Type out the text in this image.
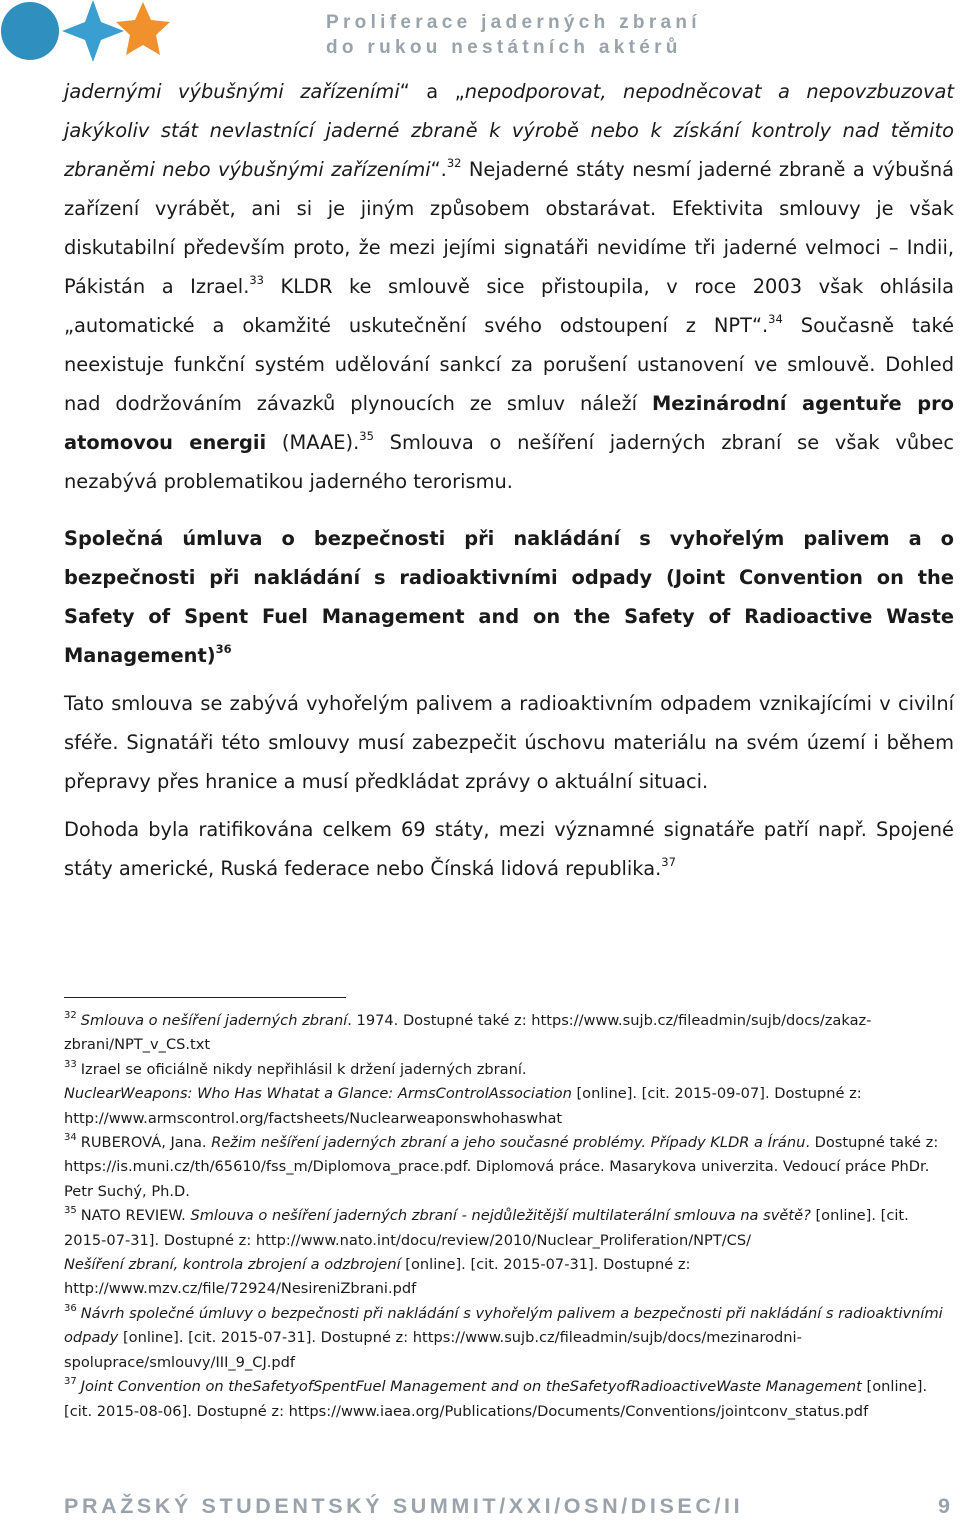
Proliferace jaderných zbraní
do rukou nestátních aktérů

jadernými výbušnými zařízeními“ a „nepodporovat, nepodněcovat a nepovzbuzovat jakýkoliv stát nevlastnící jaderné zbraně k výrobě nebo k získání kontroly nad těmito zbraněmi nebo výbušnými zařízeními“.$^{32}$ Nejaderné státy nesmí jaderné zbraně a výbušná zařízení vyrábět, ani si je jiným způsobem obstarávat. Efektivita smlouvy je však diskutabilní především proto, že mezi jejími signatáři nevidíme tři jaderné velmoci – Indii, Pákistán a Izrael.$^{33}$ KLDR ke smlouvě sice přistoupila, v roce 2003 však ohlásila „automatické a okamžité uskutečnění svého odstoupení z NPT“.$^{34}$ Současně také neexistuje funkční systém udělování sankcí za porušení ustanovení ve smlouvě. Dohled nad dodržováním závazků plynoucích ze smluv náleží Mezinárodní agentuře pro atomovou energii (MAAE).$^{35}$ Smlouva o nešíření jaderných zbraní se však vůbec nezabývá problematikou jaderného terorismu.

Společná úmluva o bezpečnosti při nakládání s vyhořelým palivem a o bezpečnosti při nakládání s radioaktivními odpady (Joint Convention on the Safety of Spent Fuel Management and on the Safety of Radioactive Waste Management)$^{36}$

Tato smlouva se zabývá vyhořelým palivem a radioaktivním odpadem vznikajícími v civilní sféře. Signatáři této smlouvy musí zabezpečit úschovu materiálu na svém území i během přepravy přes hranice a musí předkládat zprávy o aktuální situaci.

Dohoda byla ratifikována celkem 69 státy, mezi významné signatáře patří např. Spojené státy americké, Ruská federace nebo Čínská lidová republika.$^{37}$

$^{32}$ Smlouva o nešíření jaderných zbraní. 1974. Dostupné také z: https://www.sujb.cz/fileadmin/sujb/docs/zakaz-zbrani/NPT_v_CS.txt
$^{33}$ Izrael se oficiálně nikdy nepřihlásil k držení jaderných zbraní.
NuclearWeapons: Who Has Whatat a Glance: ArmsControlAssociation [online]. [cit. 2015-09-07]. Dostupné z: http://www.armscontrol.org/factsheets/Nuclearweaponswhohaswhat
$^{34}$ RUBEROVÁ, Jana. Režim nešíření jaderných zbraní a jeho současné problémy. Případy KLDR a Íránu. Dostupné také z: https://is.muni.cz/th/65610/fss_m/Diplomova_prace.pdf. Diplomová práce. Masarykova univerzita. Vedoucí práce PhDr. Petr Suchý, Ph.D.
$^{35}$ NATO REVIEW. Smlouva o nešíření jaderných zbraní - nejdůležitější multilaterální smlouva na světě? [online]. [cit. 2015-07-31]. Dostupné z: http://www.nato.int/docu/review/2010/Nuclear_Proliferation/NPT/CS/
Nešíření zbraní, kontrola zbrojení a odzbrojení [online]. [cit. 2015-07-31]. Dostupné z: http://www.mzv.cz/file/72924/NesireniZbrani.pdf
$^{36}$ Návrh společné úmluvy o bezpečnosti při nakládání s vyhořelým palivem a bezpečnosti při nakládání s radioaktivními odpady [online]. [cit. 2015-07-31]. Dostupné z: https://www.sujb.cz/fileadmin/sujb/docs/mezinarodni-spoluprace/smlouvy/III_9_CJ.pdf
$^{37}$ Joint Convention on theSafetyofSpentFuel Management and on theSafetyofRadioactiveWaste Management [online]. [cit. 2015-08-06]. Dostupné z: https://www.iaea.org/Publications/Documents/Conventions/jointconv_status.pdf
PRAŽSKÝ STUDENTSKÝ SUMMIT/XXI/OSN/DISEC/II	9
